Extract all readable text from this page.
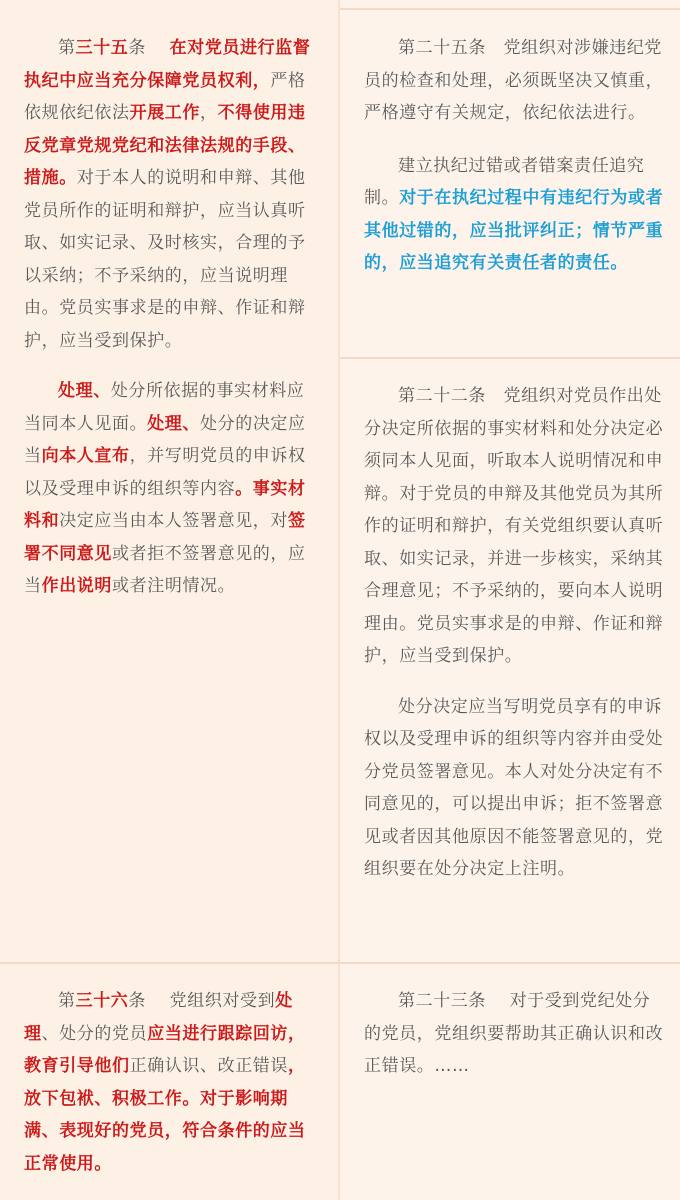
第三十五条　 在对党员进行监督执纪中应当充分保障党员权利，严格依规依纪依法开展工作，不得使用违反党章党规党纪和法律法规的手段、措施。对于本人的说明和申辩、其他党员所作的证明和辩护，应当认真听取、如实记录、及时核实，合理的予以采纳；不予采纳的，应当说明理由。党员实事求是的申辩、作证和辩护，应当受到保护。

处理、处分所依据的事实材料应当同本人见面。处理、处分的决定应当向本人宣布，并写明党员的申诉权以及受理申诉的组织等内容。事实材料和决定应当由本人签署意见，对签署不同意见或者拒不签署意见的，应当作出说明或者注明情况。

第二十五条　党组织对涉嫌违纪党员的检查和处理，必须既坚决又慎重，严格遵守有关规定，依纪依法进行。

建立执纪过错或者错案责任追究制。对于在执纪过程中有违纪行为或者其他过错的，应当批评纠正；情节严重的，应当追究有关责任者的责任。

第二十二条　党组织对党员作出处分决定所依据的事实材料和处分决定必须同本人见面，听取本人说明情况和申辩。对于党员的申辩及其他党员为其所作的证明和辩护，有关党组织要认真听取、如实记录，并进一步核实，采纳其合理意见；不予采纳的，要向本人说明理由。党员实事求是的申辩、作证和辩护，应当受到保护。

处分决定应当写明党员享有的申诉权以及受理申诉的组织等内容并由受处分党员签署意见。本人对处分决定有不同意见的，可以提出申诉；拒不签署意见或者因其他原因不能签署意见的，党组织要在处分决定上注明。

第三十六条　 党组织对受到处理、处分的党员应当进行跟踪回访，教育引导他们正确认识、改正错误，放下包袱、积极工作。对于影响期满、表现好的党员，符合条件的应当正常使用。

第二十三条　 对于受到党纪处分的党员，党组织要帮助其正确认识和改正错误。……
